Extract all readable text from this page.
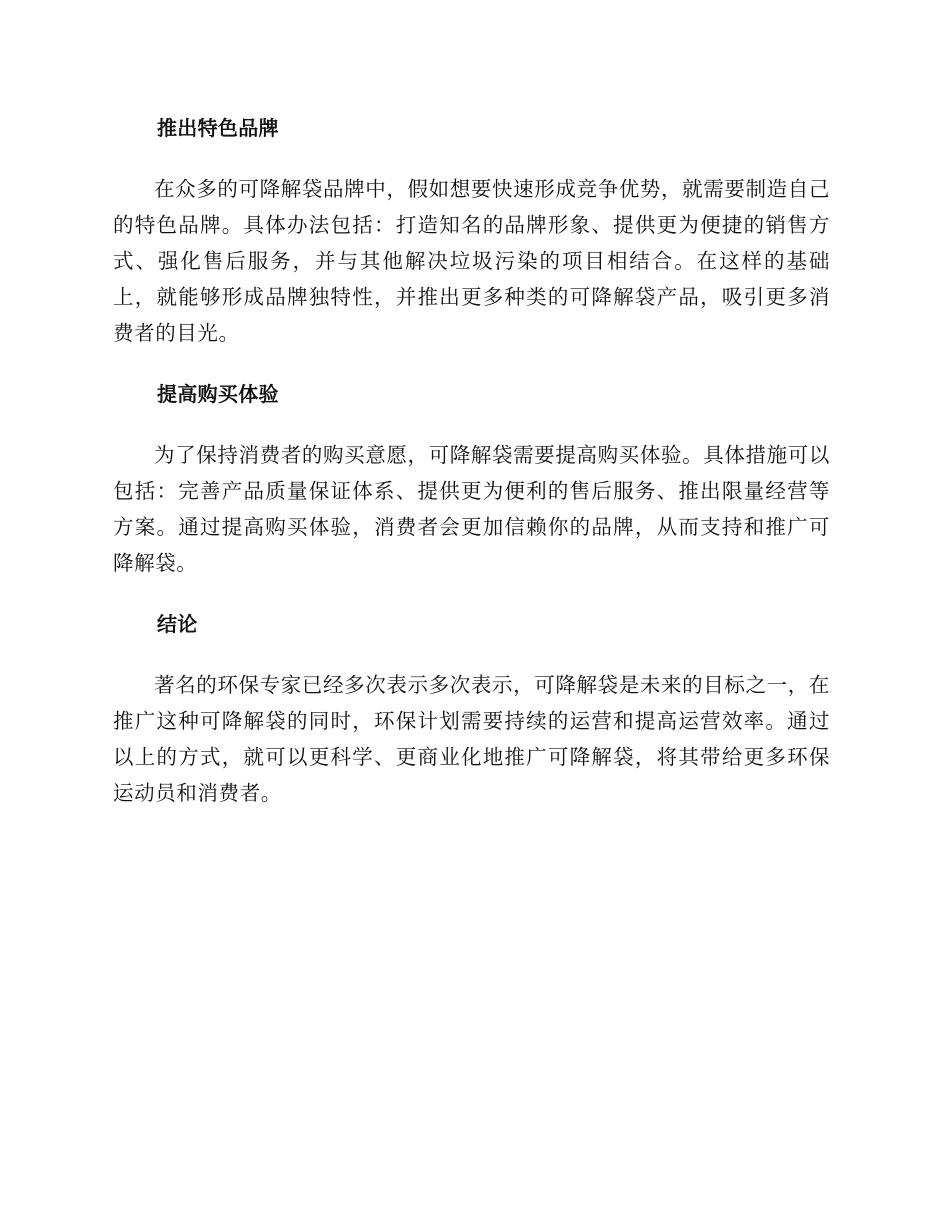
推出特色品牌

在众多的可降解袋品牌中，假如想要快速形成竞争优势，就需要制造自己的特色品牌。具体办法包括：打造知名的品牌形象、提供更为便捷的销售方式、强化售后服务，并与其他解决垃圾污染的项目相结合。在这样的基础上，就能够形成品牌独特性，并推出更多种类的可降解袋产品，吸引更多消费者的目光。

提高购买体验

为了保持消费者的购买意愿，可降解袋需要提高购买体验。具体措施可以包括：完善产品质量保证体系、提供更为便利的售后服务、推出限量经营等方案。通过提高购买体验，消费者会更加信赖你的品牌，从而支持和推广可降解袋。

结论

著名的环保专家已经多次表示多次表示，可降解袋是未来的目标之一，在推广这种可降解袋的同时，环保计划需要持续的运营和提高运营效率。通过以上的方式，就可以更科学、更商业化地推广可降解袋，将其带给更多环保运动员和消费者。
